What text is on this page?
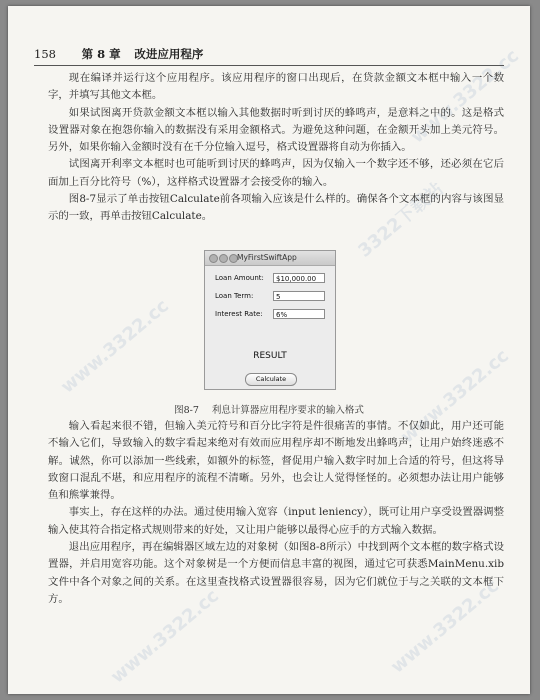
www.3322.cc
3322下载站
www.3322.cc	www.3322.cc
www.3322.cc	www.3322.cc
158 第 8 章 改进应用程序

现在编译并运行这个应用程序。该应用程序的窗口出现后，在贷款金额文本框中输入一个数字，并填写其他文本框。

如果试图离开贷款金额文本框以输入其他数据时听到讨厌的蜂鸣声，是意料之中的。这是格式设置器对象在抱怨你输入的数据没有采用金额格式。为避免这种问题，在金额开头加上美元符号。另外，如果你输入金额时没有在千分位输入逗号，格式设置器将自动为你插入。

试图离开利率文本框时也可能听到讨厌的蜂鸣声，因为仅输入一个数字还不够，还必须在它后面加上百分比符号（%），这样格式设置器才会接受你的输入。

图8-7显示了单击按钮Calculate前各项输入应该是什么样的。确保各个文本框的内容与该图显示的一致，再单击按钮Calculate。

MyFirstSwiftApp
Loan Amount:	$10,000.00
Loan Term:	5
Interest Rate:	6%
RESULT
Calculate
图8-7 利息计算器应用程序要求的输入格式

输入看起来很不错，但输入美元符号和百分比字符是件很痛苦的事情。不仅如此，用户还可能不输入它们，导致输入的数字看起来绝对有效而应用程序却不断地发出蜂鸣声，让用户始终迷惑不解。诚然，你可以添加一些线索，如额外的标签，督促用户输入数字时加上合适的符号，但这将导致窗口混乱不堪，和应用程序的流程不清晰。另外，也会让人觉得怪怪的。必须想办法让用户能够鱼和熊掌兼得。

事实上，存在这样的办法。通过使用输入宽容（input leniency），既可让用户享受设置器调整输入使其符合指定格式规则带来的好处，又让用户能够以最得心应手的方式输入数据。

退出应用程序，再在编辑器区域左边的对象树（如图8-8所示）中找到两个文本框的数字格式设置器，并启用宽容功能。这个对象树是一个方便而信息丰富的视图，通过它可获悉MainMenu.xib文件中各个对象之间的关系。在这里查找格式设置器很容易，因为它们就位于与之关联的文本框下方。
